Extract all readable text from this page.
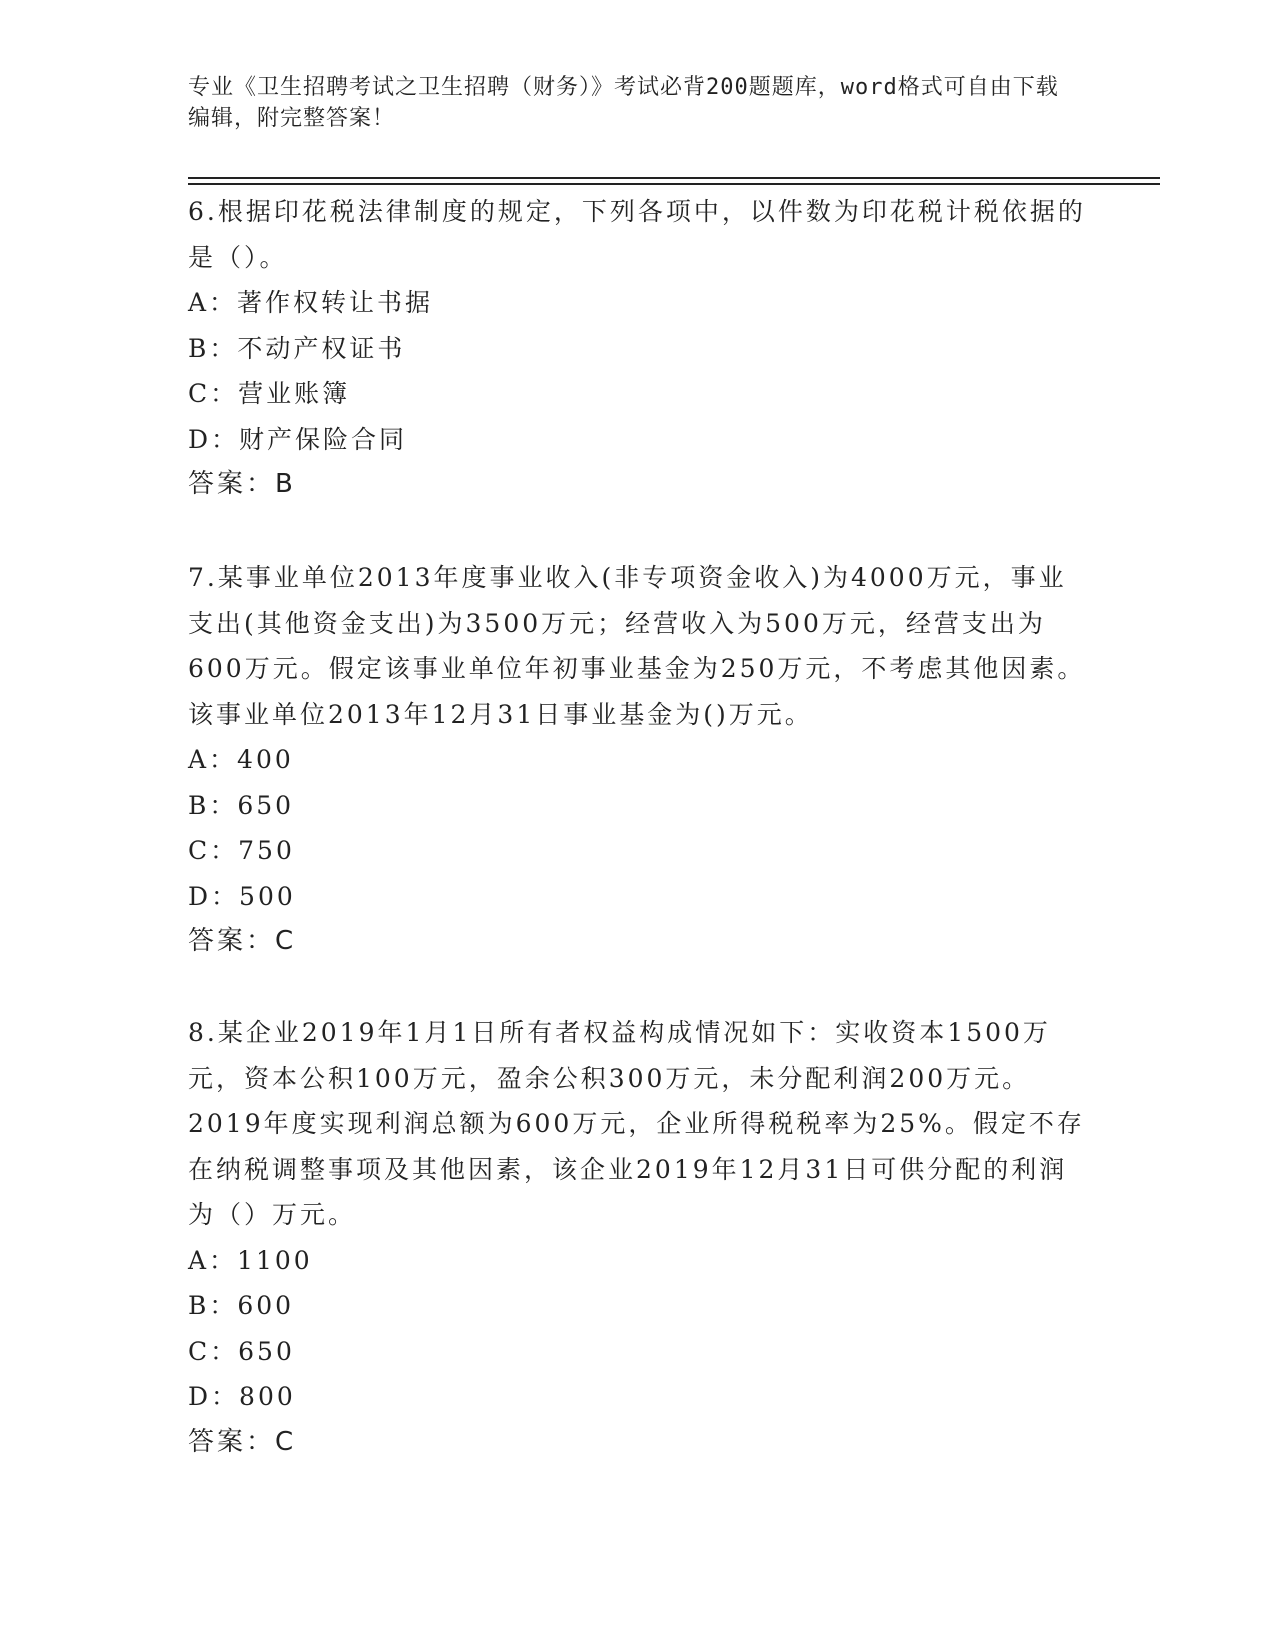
专业《卫生招聘考试之卫生招聘（财务）》考试必背200题题库，word格式可自由下载编辑，附完整答案！
6.根据印花税法律制度的规定，下列各项中，以件数为印花税计税依据的是（）。
A：著作权转让书据
B：不动产权证书
C：营业账簿
D：财产保险合同
答案：B
7.某事业单位2013年度事业收入(非专项资金收入)为4000万元，事业支出(其他资金支出)为3500万元；经营收入为500万元，经营支出为600万元。假定该事业单位年初事业基金为250万元，不考虑其他因素。该事业单位2013年12月31日事业基金为()万元。
A：400
B：650
C：750
D：500
答案：C
8.某企业2019年1月1日所有者权益构成情况如下：实收资本1500万元，资本公积100万元，盈余公积300万元，未分配利润200万元。2019年度实现利润总额为600万元，企业所得税税率为25%。假定不存在纳税调整事项及其他因素，该企业2019年12月31日可供分配的利润为（）万元。
A：1100
B：600
C：650
D：800
答案：C
